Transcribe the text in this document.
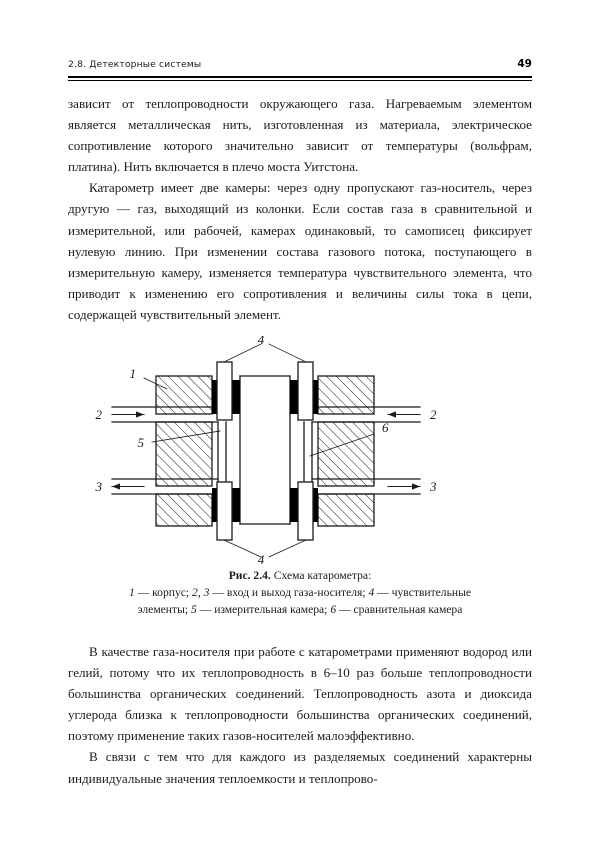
2.8. Детекторные системы	49

зависит от теплопроводности окружающего газа. Нагреваемым элементом является металлическая нить, изготовленная из материала, электрическое сопротивление которого значительно зависит от температуры (вольфрам, платина). Нить включается в плечо моста Уитстона.

Катарометр имеет две камеры: через одну пропускают газ-носитель, через другую — газ, выходящий из колонки. Если состав газа в сравнительной и измерительной, или рабочей, камерах одинаковый, то самописец фиксирует нулевую линию. При изменении состава газового потока, поступающего в измерительную камеру, изменяется температура чувствительного элемента, что приводит к изменению его сопротивления и величины силы тока в цепи, содержащей чувствительный элемент.

4
4
1
2	2
3	3
5
6
Рис. 2.4. Схема катарометра:
1 — корпус; 2, 3 — вход и выход газа-носителя; 4 — чувствительные
элементы; 5 — измерительная камера; 6 — сравнительная камера

В качестве газа-носителя при работе с катарометрами применяют водород или гелий, потому что их теплопроводность в 6–10 раз больше теплопроводности большинства органических соединений. Теплопроводность азота и диоксида углерода близка к теплопроводности большинства органических соединений, поэтому применение таких газов-носителей малоэффективно.

В связи с тем что для каждого из разделяемых соединений характерны индивидуальные значения теплоемкости и теплопрово-
